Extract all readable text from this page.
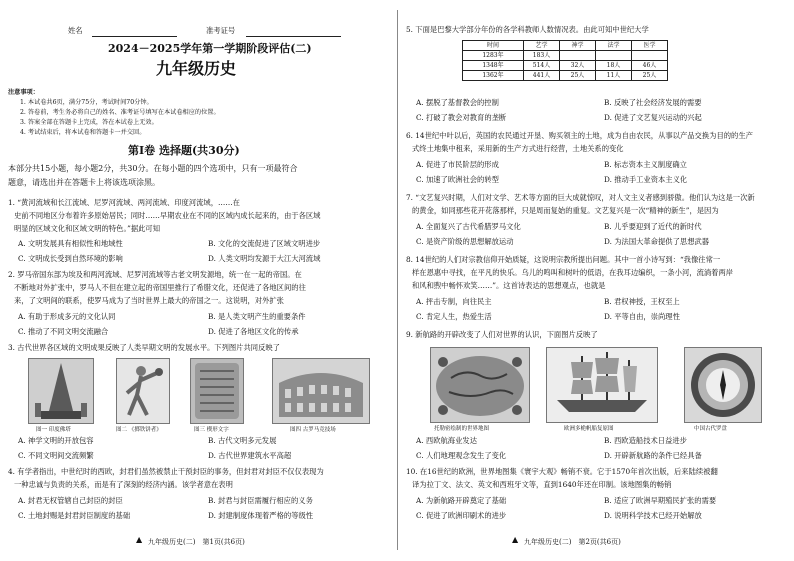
姓名	准考证号
2024－2025学年第一学期阶段评估(二)
九年级历史
注意事项：
1. 本试卷共6页，满分75分，考试时间70分钟。
2. 答卷前，考生务必将自己的姓名、准考证号填写在本试卷相应的位置。
3. 答案全部在答题卡上完成，答在本试卷上无效。
4. 考试结束后，将本试卷和答题卡一并交回。
第Ⅰ卷 选择题(共30分)
本部分共15小题，每小题2分，共30分。在每小题的四个选项中，只有一项最符合
题意，请选出并在答题卡上将该选项涂黑。
1. “黄河流域和长江流域、尼罗河流域、两河流域、印度河流域，……在
史前不同地区分布着许多原始居民；同时……早期农业在不同的区域内成长起来的，由于各区域
明显的区域文化和区域文明的特色。”据此可知
A. 文明发展具有相似性和地域性	B. 文化的交流促进了区域文明进步
C. 文明成长受到自然环境的影响	D. 人类文明均发源于大江大河流域
2. 罗马帝国东部为埃及和两河流域、尼罗河流域等古老文明发源地，统一在一起的帝国。在
不断地对外扩张中，罗马人不但在建立起的帝国里推行了希腊文化，还促进了各地区间的往
来，了文明间的联系，使罗马成为了当时世界上最大的帝国之一。这说明，对外扩张
A. 有助于形成多元的文化认同	B. 是人类文明产生的重要条件
C. 推动了不同文明交流融合	D. 促进了各地区文化的传承
3. 古代世界各区域的文明成果反映了人类早期文明的发展水平。下列图片共同反映了
图一 印度佛塔	图二 《掷铁饼者》	图三 楔形文字	图四 古罗马竞技场
A. 神学文明的开放包容	B. 古代文明多元发展
C. 不同文明间交流频繁	D. 古代世界建筑水平高超
4. 有学者指出，中世纪时的西欧，封君们虽然被禁止干预封臣的事务，但封君对封臣不仅仅表现为
一种忠诚与负责的关系，而是有了深刻的经济内涵。该学者意在表明
A. 封君无权管辖自己封臣的封臣	B. 封君与封臣需履行相应的义务
C. 土地封赐是封君封臣制度的基础	D. 封建制度体现着严格的等级性
▲ 九年级历史(二)　第1页(共6页)
5. 下面是巴黎大学部分年份的各学科教师人数情况表。由此可知中世纪大学
时间	艺学	神学	法学	医学
1283年	183人			
1348年	514人	32人	18人	46人
1362年	441人	25人	11人	25人
A. 摆脱了基督教会的控制	B. 反映了社会经济发展的需要
C. 打破了教会对教育的垄断	D. 促进了文艺复兴运动的兴起
6. 14世纪中叶以后，英国的农民通过开垦、购买领主的土地，成为自由农民，从事以产品交换为目的的生产
式终土地集中租来，采用新的生产方式进行经营，土地关系的变化
A. 促进了市民阶层的形成	B. 标志资本主义制度确立
C. 加速了欧洲社会的转型	D. 推动手工业资本主义化
7. “文艺复兴时期，人们对文学、艺术等方面的巨大成就惊叹，对人文主义者感到骄傲。他们认为这是一次新
的黄金，如同那些花开花落那样，只是周而复始的重复。文艺复兴是一次“精神的新生”，是因为
A. 全面复兴了古代希腊罗马文化	B. 儿乎要迎到了近代的新时代
C. 是资产阶级的思想解放运动	D. 为法国大革命提供了思想武器
8. 14世纪的人们对宗教信仰开始质疑，这说明宗教所提出问题。其中一首小诗写到：“我像往常一
样在恩惠中寻找，在平凡的快乐。乌儿的鸣叫和树叶的低语，在我耳边编织，一条小河，流淌着两岸
和风和煦中畅怀欢笑……”。这首诗表达的思想观点，也就是
A. 抨击专制，向往民主	B. 君权神授，王权至上
C. 肯定人生，热爱生活	D. 平等自由，崇尚理性
9. 新航路的开辟改变了人们对世界的认识，下面图片反映了
托勒密绘制的世界地图	欧洲多桅帆船复原图	中国古代罗盘
A. 西欧航海业发达	B. 西欧造船技术日益进步
C. 人们地理观念发生了变化	D. 开辟新航路的条件已经具备
10. 在16世纪的欧洲，世界地图集《寰宇大观》畅销不衰。它于1570年首次出版，后来陆续被翻
译为拉丁文、法文、英文和西班牙文等，直到1640年还在印制。该地图集的畅销
A. 为新航路开辟奠定了基础	B. 适应了欧洲早期殖民扩张的需要
C. 促进了欧洲印刷术的进步	D. 说明科学技术已经开始解放
▲ 九年级历史(二)　第2页(共6页)
